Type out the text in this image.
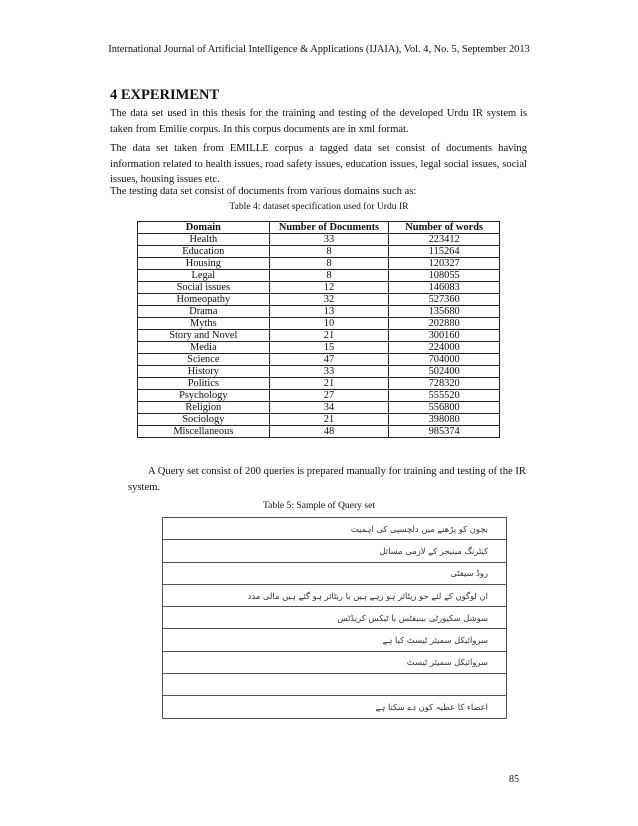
International Journal of Artificial Intelligence & Applications (IJAIA), Vol. 4, No. 5, September 2013
4 EXPERIMENT

The data set used in this thesis for the training and testing of the developed Urdu IR system is taken from Emilie corpus. In this corpus documents are in xml format.

The data set taken from EMILLE corpus a tagged data set consist of documents having information related to health issues, road safety issues, education issues, legal social issues, social issues, housing issues etc.

The testing data set consist of documents from various domains such as:

Table 4: dataset specification used for Urdu IR
Domain	Number of Documents	Number of words
Health	33	223412
Education	8	115264
Housing	8	120327
Legal	8	108055
Social issues	12	146083
Homeopathy	32	527360
Drama	13	135680
Myths	10	202880
Story and Novel	21	300160
Media	15	224000
Science	47	704000
History	33	502400
Politics	21	728320
Psychology	27	555520
Religion	34	556800
Sociology	21	398080
Miscellaneous	48	985374

A Query set consist of 200 queries is prepared manually for training and testing of the IR system.

Table 5: Sample of Query set
بچوں کو پڑھنے میں دلچسپی کی اہمیت
کیٹرنگ مینیجر کے لازمی مسائل
روڈ سیفٹی
ان لوگوں کے لئے جو ریٹائر ہو رہے ہیں یا ریٹائر ہو گئے ہیں مالی مدد
سوشل سکیورٹی بینیفٹس یا ٹیکس کریڈٹس
سروائیکل سمیئر ٹیسٹ کیا ہے
سروائیکل سمیئر ٹیسٹ

اعضاء کا عطیہ کون دے سکتا ہے
85
